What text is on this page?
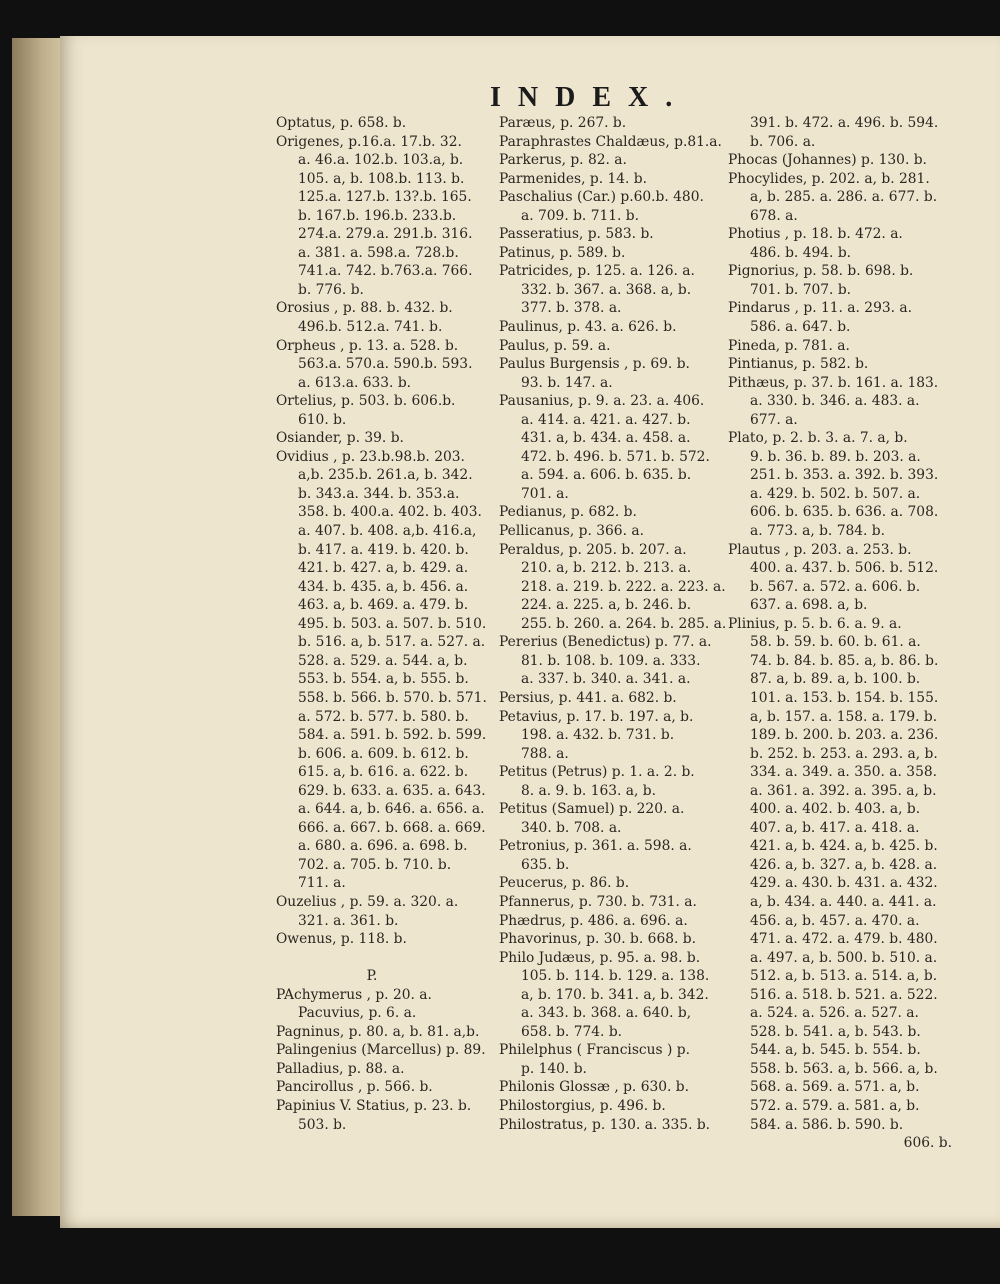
INDEX.
Optatus, p. 658. b.
Origenes, p.16.a. 17.b. 32.
a. 46.a. 102.b. 103.a, b.
105. a, b. 108.b. 113. b.
125.a. 127.b. 13?.b. 165.
b. 167.b. 196.b. 233.b.
274.a. 279.a. 291.b. 316.
a. 381. a. 598.a. 728.b.
741.a. 742. b.763.a. 766.
b. 776. b.
Orosius , p. 88. b. 432. b.
496.b. 512.a. 741. b.
Orpheus , p. 13. a. 528. b.
563.a. 570.a. 590.b. 593.
a. 613.a. 633. b.
Ortelius, p. 503. b. 606.b.
610. b.
Osiander, p. 39. b.
Ovidius , p. 23.b.98.b. 203.
a,b. 235.b. 261.a, b. 342.
b. 343.a. 344. b. 353.a.
358. b. 400.a. 402. b. 403.
a. 407. b. 408. a,b. 416.a,
b. 417. a. 419. b. 420. b.
421. b. 427. a, b. 429. a.
434. b. 435. a, b. 456. a.
463. a, b. 469. a. 479. b.
495. b. 503. a. 507. b. 510.
b. 516. a, b. 517. a. 527. a.
528. a. 529. a. 544. a, b.
553. b. 554. a, b. 555. b.
558. b. 566. b. 570. b. 571.
a. 572. b. 577. b. 580. b.
584. a. 591. b. 592. b. 599.
b. 606. a. 609. b. 612. b.
615. a, b. 616. a. 622. b.
629. b. 633. a. 635. a. 643.
a. 644. a, b. 646. a. 656. a.
666. a. 667. b. 668. a. 669.
a. 680. a. 696. a. 698. b.
702. a. 705. b. 710. b.
711. a.
Ouzelius , p. 59. a. 320. a.
321. a. 361. b.
Owenus, p. 118. b.
P.
PAchymerus , p. 20. a.
Pacuvius, p. 6. a.
Pagninus, p. 80. a, b. 81. a,b.
Palingenius (Marcellus) p. 89.
Palladius, p. 88. a.
Pancirollus , p. 566. b.
Papinius V. Statius, p. 23. b.
503. b.
Paræus, p. 267. b.
Paraphrastes Chaldæus, p.81.a.
Parkerus, p. 82. a.
Parmenides, p. 14. b.
Paschalius (Car.) p.60.b. 480.
a. 709. b. 711. b.
Passeratius, p. 583. b.
Patinus, p. 589. b.
Patricides, p. 125. a. 126. a.
332. b. 367. a. 368. a, b.
377. b. 378. a.
Paulinus, p. 43. a. 626. b.
Paulus, p. 59. a.
Paulus Burgensis , p. 69. b.
93. b. 147. a.
Pausanius, p. 9. a. 23. a. 406.
a. 414. a. 421. a. 427. b.
431. a, b. 434. a. 458. a.
472. b. 496. b. 571. b. 572.
a. 594. a. 606. b. 635. b.
701. a.
Pedianus, p. 682. b.
Pellicanus, p. 366. a.
Peraldus, p. 205. b. 207. a.
210. a, b. 212. b. 213. a.
218. a. 219. b. 222. a. 223. a.
224. a. 225. a, b. 246. b.
255. b. 260. a. 264. b. 285. a.
Pererius (Benedictus) p. 77. a.
81. b. 108. b. 109. a. 333.
a. 337. b. 340. a. 341. a.
Persius, p. 441. a. 682. b.
Petavius, p. 17. b. 197. a, b.
198. a. 432. b. 731. b.
788. a.
Petitus (Petrus) p. 1. a. 2. b.
8. a. 9. b. 163. a, b.
Petitus (Samuel) p. 220. a.
340. b. 708. a.
Petronius, p. 361. a. 598. a.
635. b.
Peucerus, p. 86. b.
Pfannerus, p. 730. b. 731. a.
Phædrus, p. 486. a. 696. a.
Phavorinus, p. 30. b. 668. b.
Philo Judæus, p. 95. a. 98. b.
105. b. 114. b. 129. a. 138.
a, b. 170. b. 341. a, b. 342.
a. 343. b. 368. a. 640. b,
658. b. 774. b.
Philelphus ( Franciscus ) p.
p. 140. b.
Philonis Glossæ , p. 630. b.
Philostorgius, p. 496. b.
Philostratus, p. 130. a. 335. b.
391. b. 472. a. 496. b. 594.
b. 706. a.
Phocas (Johannes) p. 130. b.
Phocylides, p. 202. a, b. 281.
a, b. 285. a. 286. a. 677. b.
678. a.
Photius , p. 18. b. 472. a.
486. b. 494. b.
Pignorius, p. 58. b. 698. b.
701. b. 707. b.
Pindarus , p. 11. a. 293. a.
586. a. 647. b.
Pineda, p. 781. a.
Pintianus, p. 582. b.
Pithæus, p. 37. b. 161. a. 183.
a. 330. b. 346. a. 483. a.
677. a.
Plato, p. 2. b. 3. a. 7. a, b.
9. b. 36. b. 89. b. 203. a.
251. b. 353. a. 392. b. 393.
a. 429. b. 502. b. 507. a.
606. b. 635. b. 636. a. 708.
a. 773. a, b. 784. b.
Plautus , p. 203. a. 253. b.
400. a. 437. b. 506. b. 512.
b. 567. a. 572. a. 606. b.
637. a. 698. a, b.
Plinius, p. 5. b. 6. a. 9. a.
58. b. 59. b. 60. b. 61. a.
74. b. 84. b. 85. a, b. 86. b.
87. a, b. 89. a, b. 100. b.
101. a. 153. b. 154. b. 155.
a, b. 157. a. 158. a. 179. b.
189. b. 200. b. 203. a. 236.
b. 252. b. 253. a. 293. a, b.
334. a. 349. a. 350. a. 358.
a. 361. a. 392. a. 395. a, b.
400. a. 402. b. 403. a, b.
407. a, b. 417. a. 418. a.
421. a, b. 424. a, b. 425. b.
426. a, b. 327. a, b. 428. a.
429. a. 430. b. 431. a. 432.
a, b. 434. a. 440. a. 441. a.
456. a, b. 457. a. 470. a.
471. a. 472. a. 479. b. 480.
a. 497. a, b. 500. b. 510. a.
512. a, b. 513. a. 514. a, b.
516. a. 518. b. 521. a. 522.
a. 524. a. 526. a. 527. a.
528. b. 541. a, b. 543. b.
544. a, b. 545. b. 554. b.
558. b. 563. a, b. 566. a, b.
568. a. 569. a. 571. a, b.
572. a. 579. a. 581. a, b.
584. a. 586. b. 590. b.
606. b.
